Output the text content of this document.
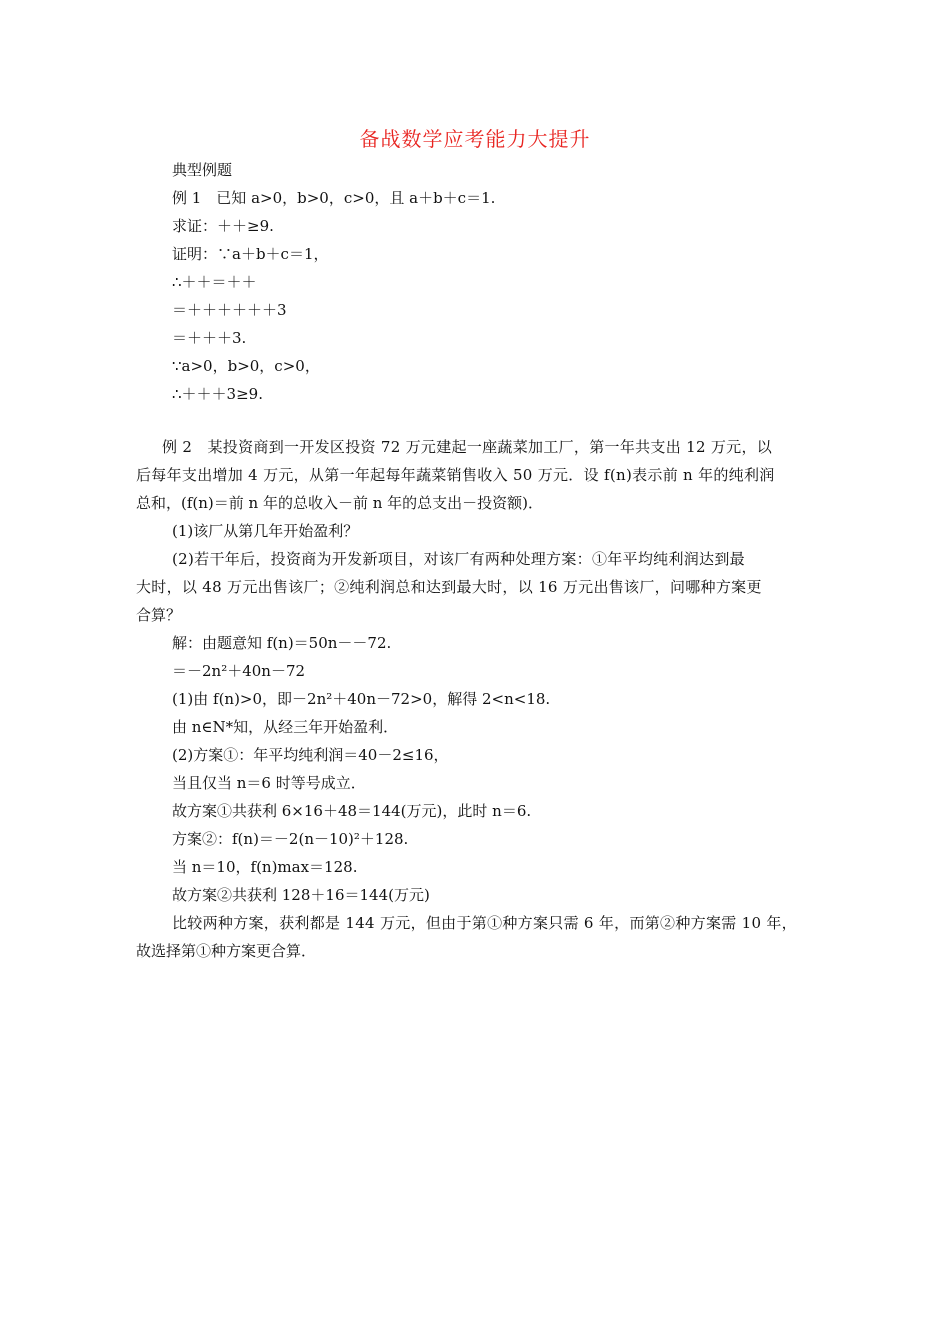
备战数学应考能力大提升
典型例题
例 1　已知 a>0，b>0，c>0，且 a＋b＋c＝1.
求证：＋＋≥9.
证明：∵a＋b＋c＝1，
∴＋＋＝＋＋
＝＋＋＋＋＋＋3
＝＋＋＋3.
∵a>0，b>0，c>0，
∴＋＋＋3≥9.
例 2　某投资商到一开发区投资 72 万元建起一座蔬菜加工厂，第一年共支出 12 万元，以
后每年支出增加 4 万元，从第一年起每年蔬菜销售收入 50 万元．设 f(n)表示前 n 年的纯利润
总和，(f(n)＝前 n 年的总收入－前 n 年的总支出－投资额)．
(1)该厂从第几年开始盈利？
(2)若干年后，投资商为开发新项目，对该厂有两种处理方案：①年平均纯利润达到最
大时，以 48 万元出售该厂；②纯利润总和达到最大时，以 16 万元出售该厂，问哪种方案更
合算？
解：由题意知 f(n)＝50n－－72.
＝－2n²＋40n－72
(1)由 f(n)>0，即－2n²＋40n－72>0，解得 2<n<18.
由 n∈N*知，从经三年开始盈利．
(2)方案①：年平均纯利润＝40－2≤16，
当且仅当 n＝6 时等号成立．
故方案①共获利 6×16＋48＝144(万元)，此时 n＝6.
方案②：f(n)＝－2(n－10)²＋128.
当 n＝10，f(n)max＝128.
故方案②共获利 128＋16＝144(万元)
比较两种方案，获利都是 144 万元，但由于第①种方案只需 6 年，而第②种方案需 10 年，
故选择第①种方案更合算．
